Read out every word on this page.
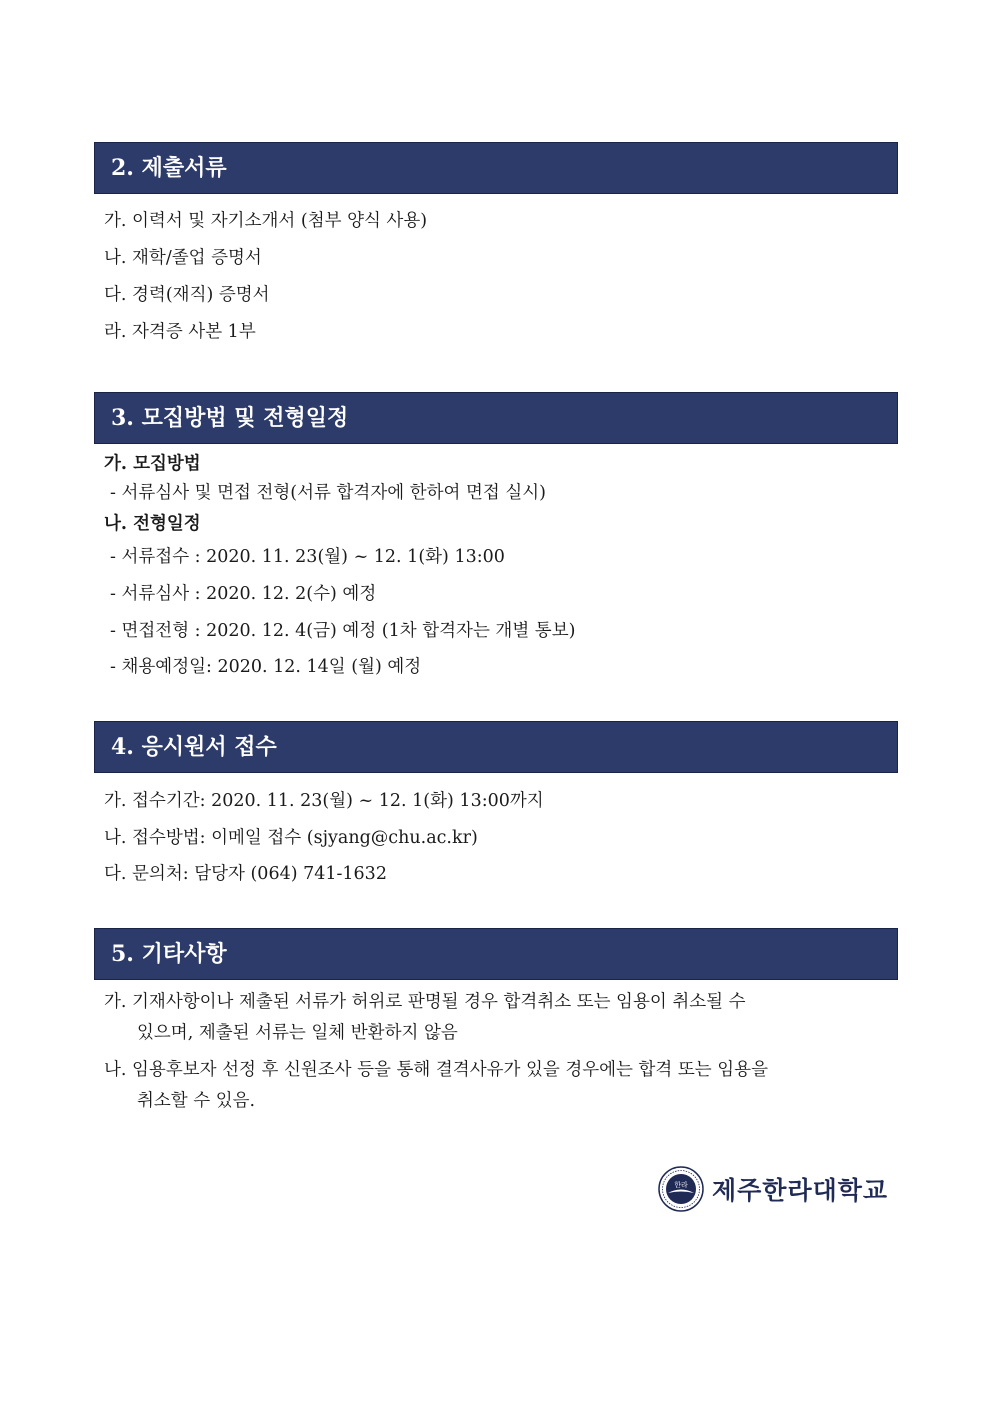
2. 제출서류
가. 이력서 및 자기소개서 (첨부 양식 사용)
나. 재학/졸업 증명서
다. 경력(재직) 증명서
라. 자격증 사본 1부
3. 모집방법 및 전형일정
가. 모집방법
- 서류심사 및 면접 전형(서류 합격자에 한하여 면접 실시)
나. 전형일정
- 서류접수 : 2020. 11. 23(월) ~ 12. 1(화) 13:00
- 서류심사 : 2020. 12. 2(수) 예정
- 면접전형 : 2020. 12. 4(금) 예정 (1차 합격자는 개별 통보)
- 채용예정일: 2020. 12. 14일 (월) 예정
4. 응시원서 접수
가. 접수기간: 2020. 11. 23(월) ~ 12. 1(화) 13:00까지
나. 접수방법: 이메일 접수 (sjyang@chu.ac.kr)
다. 문의처: 담당자 (064) 741-1632
5. 기타사항
가. 기재사항이나 제출된 서류가 허위로 판명될 경우 합격취소 또는 임용이 취소될 수
있으며, 제출된 서류는 일체 반환하지 않음
나. 임용후보자 선정 후 신원조사 등을 통해 결격사유가 있을 경우에는 합격 또는 임용을
취소할 수 있음.
한라 제주한라대학교
